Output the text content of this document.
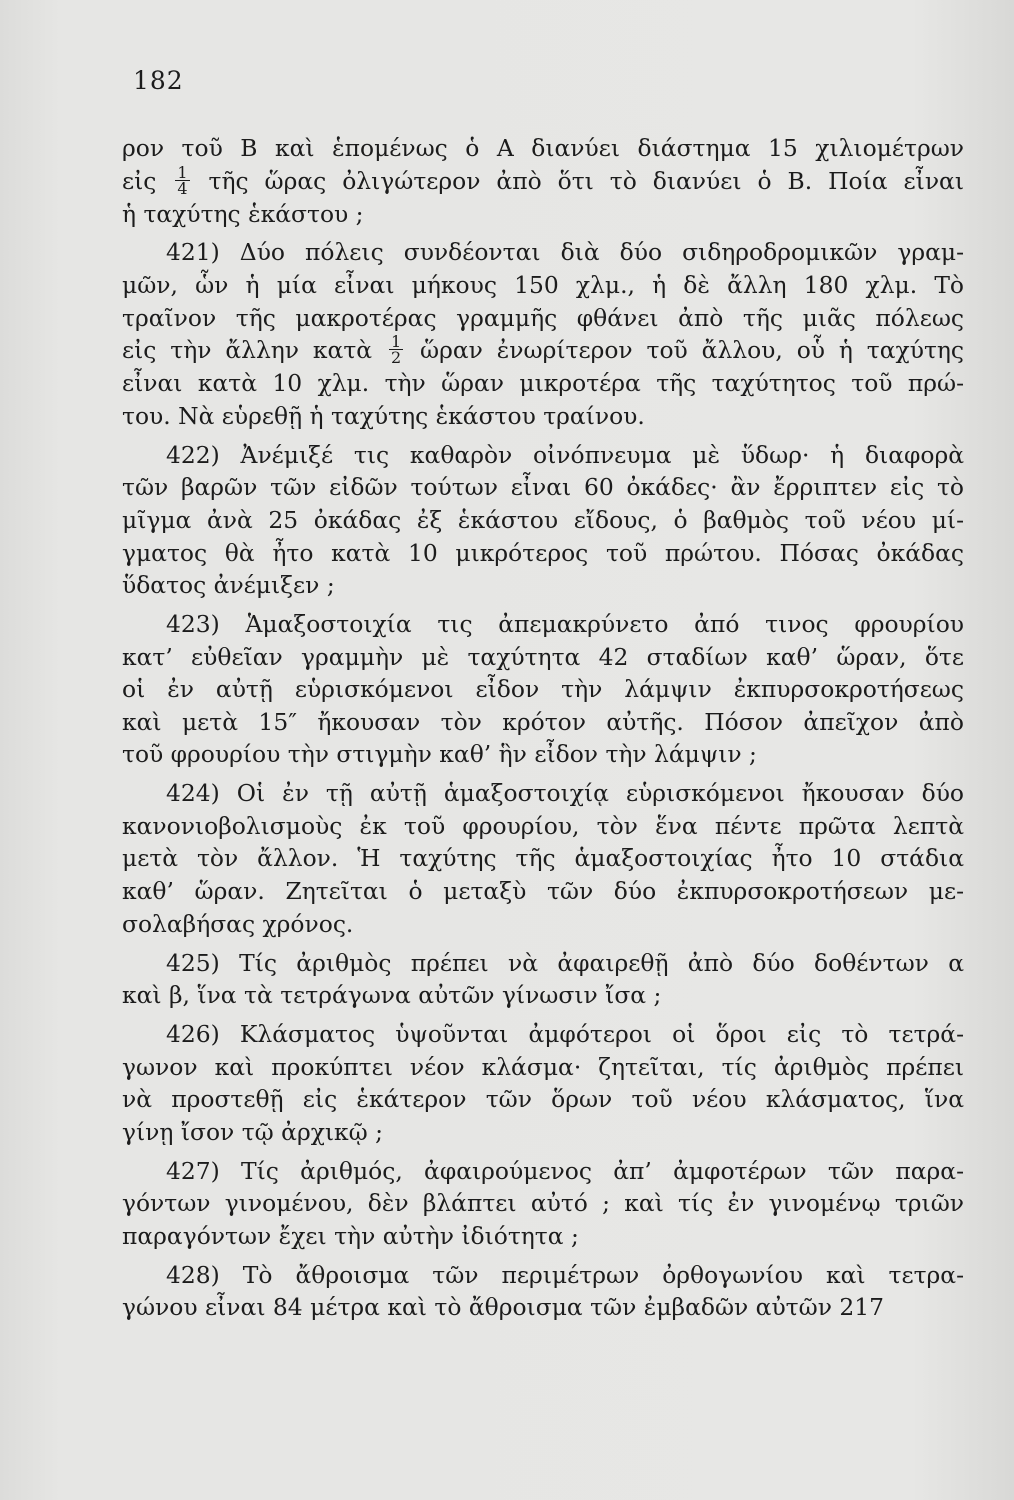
182
ρον τοῦ Β καὶ ἑπομένως ὁ Α διανύει διάστημα 15 χιλιομέτρων
εἰς $\frac{1}{4}$ τῆς ὥρας ὀλιγώτερον ἀπὸ ὅτι τὸ διανύει ὁ Β. Ποία εἶναι
ἡ ταχύτης ἑκάστου ;
421) Δύο πόλεις συνδέονται διὰ δύο σιδηροδρομικῶν γραμ-
μῶν, ὧν ἡ μία εἶναι μήκους 150 χλμ., ἡ δὲ ἄλλη 180 χλμ. Τὸ
τραῖνον τῆς μακροτέρας γραμμῆς φθάνει ἀπὸ τῆς μιᾶς πόλεως
εἰς τὴν ἄλλην κατὰ $\frac{1}{2}$ ὥραν ἐνωρίτερον τοῦ ἄλλου, οὗ ἡ ταχύτης
εἶναι κατὰ 10 χλμ. τὴν ὥραν μικροτέρα τῆς ταχύτητος τοῦ πρώ-
του. Νὰ εὑρεθῇ ἡ ταχύτης ἑκάστου τραίνου.
422) Ἀνέμιξέ τις καθαρὸν οἰνόπνευμα μὲ ὕδωρ· ἡ διαφορὰ
τῶν βαρῶν τῶν εἰδῶν τούτων εἶναι 60 ὀκάδες· ἂν ἔρριπτεν εἰς τὸ
μῖγμα ἀνὰ 25 ὀκάδας ἐξ ἑκάστου εἴδους, ὁ βαθμὸς τοῦ νέου μί-
γματος θὰ ἦτο κατὰ 10 μικρότερος τοῦ πρώτου. Πόσας ὀκάδας
ὕδατος ἀνέμιξεν ;
423) Ἁμαξοστοιχία τις ἀπεμακρύνετο ἀπό τινος φρουρίου
κατ’ εὐθεῖαν γραμμὴν μὲ ταχύτητα 42 σταδίων καθ’ ὥραν, ὅτε
οἱ ἐν αὐτῇ εὑρισκόμενοι εἶδον τὴν λάμψιν ἐκπυρσοκροτήσεως
καὶ μετὰ 15″ ἤκουσαν τὸν κρότον αὐτῆς. Πόσον ἀπεῖχον ἀπὸ
τοῦ φρουρίου τὴν στιγμὴν καθ’ ἣν εἶδον τὴν λάμψιν ;
424) Οἱ ἐν τῇ αὐτῇ ἁμαξοστοιχίᾳ εὑρισκόμενοι ἤκουσαν δύο
κανονιοβολισμοὺς ἐκ τοῦ φρουρίου, τὸν ἕνα πέντε πρῶτα λεπτὰ
μετὰ τὸν ἄλλον. Ἡ ταχύτης τῆς ἁμαξοστοιχίας ἦτο 10 στάδια
καθ’ ὥραν. Ζητεῖται ὁ μεταξὺ τῶν δύο ἐκπυρσοκροτήσεων με-
σολαβήσας χρόνος.
425) Τίς ἀριθμὸς πρέπει νὰ ἀφαιρεθῇ ἀπὸ δύο δοθέντων α
καὶ β, ἵνα τὰ τετράγωνα αὐτῶν γίνωσιν ἴσα ;
426) Κλάσματος ὑψοῦνται ἀμφότεροι οἱ ὅροι εἰς τὸ τετρά-
γωνον καὶ προκύπτει νέον κλάσμα· ζητεῖται, τίς ἀριθμὸς πρέπει
νὰ προστεθῇ εἰς ἑκάτερον τῶν ὅρων τοῦ νέου κλάσματος, ἵνα
γίνῃ ἴσον τῷ ἀρχικῷ ;
427) Τίς ἀριθμός, ἀφαιρούμενος ἀπ’ ἀμφοτέρων τῶν παρα-
γόντων γινομένου, δὲν βλάπτει αὐτό ; καὶ τίς ἐν γινομένῳ τριῶν
παραγόντων ἔχει τὴν αὐτὴν ἰδιότητα ;
428) Τὸ ἄθροισμα τῶν περιμέτρων ὀρθογωνίου καὶ τετρα-
γώνου εἶναι 84 μέτρα καὶ τὸ ἄθροισμα τῶν ἐμβαδῶν αὐτῶν 217
